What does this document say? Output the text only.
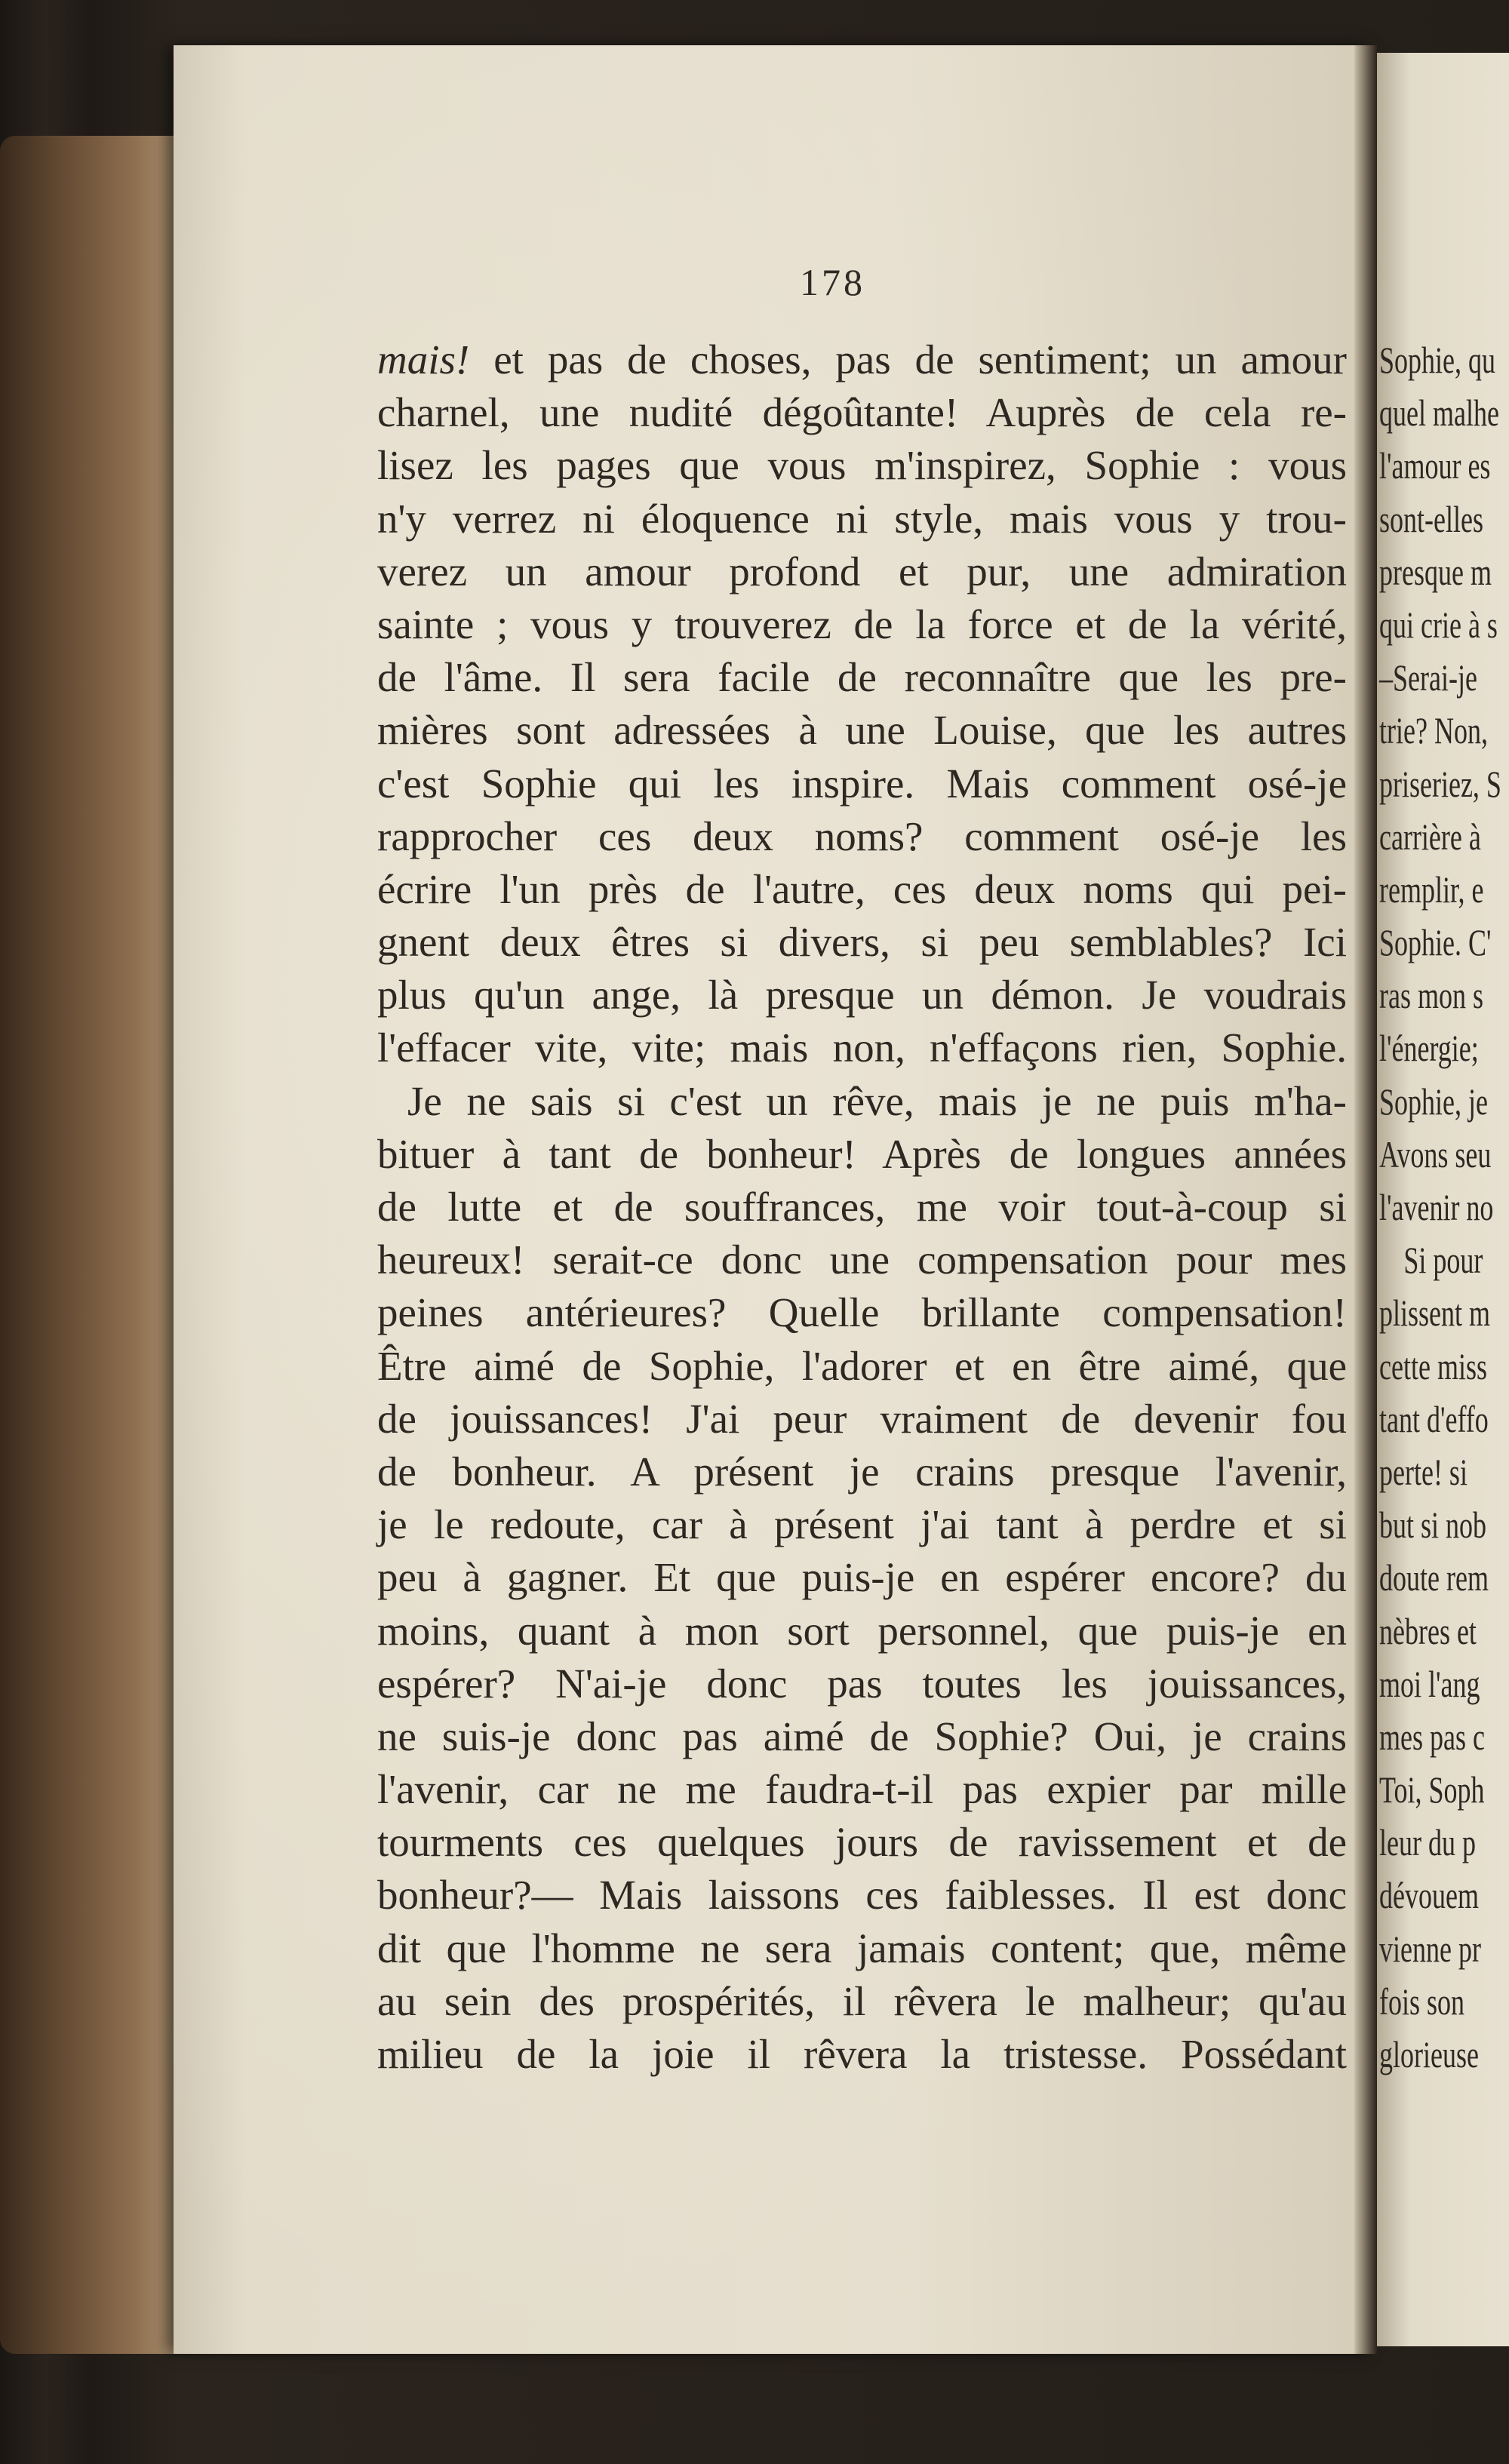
178
mais! et pas de choses, pas de sentiment; un amour
charnel, une nudité dégoûtante! Auprès de cela re-
lisez les pages que vous m'inspirez, Sophie : vous
n'y verrez ni éloquence ni style, mais vous y trou-
verez un amour profond et pur, une admiration
sainte ; vous y trouverez de la force et de la vérité,
de l'âme. Il sera facile de reconnaître que les pre-
mières sont adressées à une Louise, que les autres
c'est Sophie qui les inspire. Mais comment osé-je
rapprocher ces deux noms? comment osé-je les
écrire l'un près de l'autre, ces deux noms qui pei-
gnent deux êtres si divers, si peu semblables? Ici
plus qu'un ange, là presque un démon. Je voudrais
l'effacer vite, vite; mais non, n'effaçons rien, Sophie.
Je ne sais si c'est un rêve, mais je ne puis m'ha-
bituer à tant de bonheur! Après de longues années
de lutte et de souffrances, me voir tout-à-coup si
heureux! serait-ce donc une compensation pour mes
peines antérieures? Quelle brillante compensation!
Être aimé de Sophie, l'adorer et en être aimé, que
de jouissances! J'ai peur vraiment de devenir fou
de bonheur. A présent je crains presque l'avenir,
je le redoute, car à présent j'ai tant à perdre et si
peu à gagner. Et que puis-je en espérer encore? du
moins, quant à mon sort personnel, que puis-je en
espérer? N'ai-je donc pas toutes les jouissances,
ne suis-je donc pas aimé de Sophie? Oui, je crains
l'avenir, car ne me faudra-t-il pas expier par mille
tourments ces quelques jours de ravissement et de
bonheur?— Mais laissons ces faiblesses. Il est donc
dit que l'homme ne sera jamais content; que, même
au sein des prospérités, il rêvera le malheur; qu'au
milieu de la joie il rêvera la tristesse. Possédant
Sophie, qu
quel malhe
l'amour es
sont-elles
presque m
qui crie à s
–Serai-je
trie? Non,
priseriez, S
carrière à
remplir, e
Sophie. C'
ras mon s
l'énergie;
Sophie, je
Avons seu
l'avenir no
Si pour
plissent m
cette miss
tant d'effo
perte! si
but si nob
doute rem
nèbres et
moi l'ang
mes pas c
Toi, Soph
leur du p
dévouem
vienne pr
fois son
glorieuse
